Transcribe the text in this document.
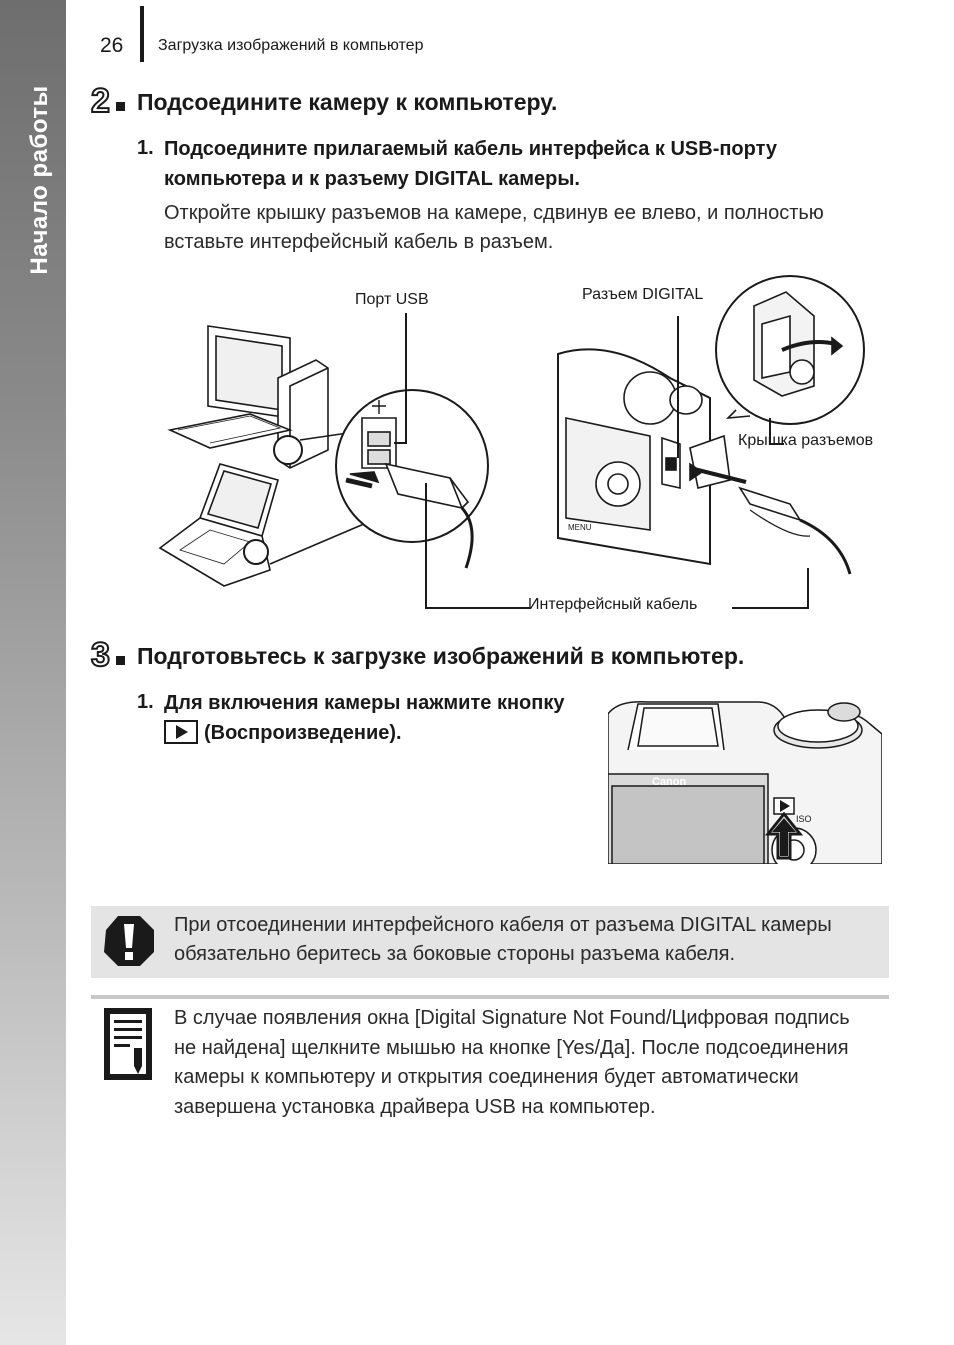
Начало работы
26 Загрузка изображений в компьютер
2 Подсоедините камеру к компьютеру.
1. Подсоедините прилагаемый кабель интерфейса к USB-порту
компьютера и к разъему DIGITAL камеры.
Откройте крышку разъемов на камере, сдвинув ее влево, и полностью
вставьте интерфейсный кабель в разъем.
MENU
Порт USB	Разъем DIGITAL
Крышка разъемов
Интерфейсный кабель
3 Подготовьтесь к загрузке изображений в компьютер.
1. Для включения камеры нажмите кнопку
(Воспроизведение).
Canon
ISO
При отсоединении интерфейсного кабеля от разъема DIGITAL камеры
обязательно беритесь за боковые стороны разъема кабеля.
В случае появления окна [Digital Signature Not Found/Цифровая подпись
не найдена] щелкните мышью на кнопке [Yes/Да]. После подсоединения
камеры к компьютеру и открытия соединения будет автоматически
завершена установка драйвера USB на компьютер.
